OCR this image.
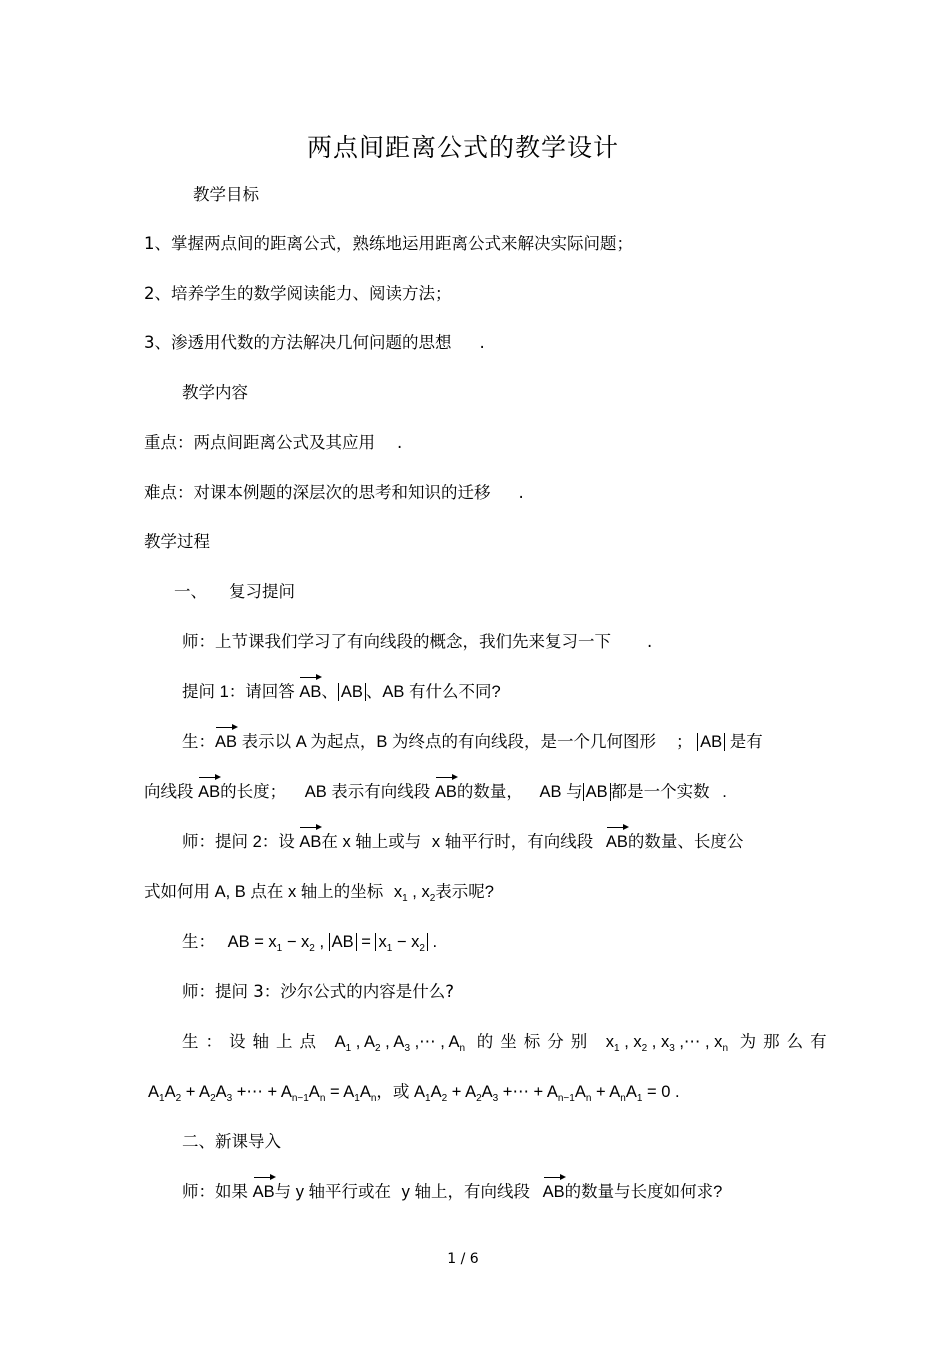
两点间距离公式的教学设计
教学目标
1、掌握两点间的距离公式，熟练地运用距离公式来解决实际问题；
2、培养学生的数学阅读能力、阅读方法；
3、渗透用代数的方法解决几何问题的思想 .
教学内容
重点：两点间距离公式及其应用 .
难点：对课本例题的深层次的思考和知识的迁移 .
教学过程
一、 复习提问
师：上节课我们学习了有向线段的概念，我们先来复习一下 .
提问 1：请回答 AB、 AB 、AB 有什么不同?
生：AB 表示以 A 为起点，B 为终点的有向线段，是一个几何图形 ； AB 是有
向线段 AB的长度； AB 表示有向线段 AB的数量， AB 与 AB 都是一个实数 .
师：提问 2：设 AB在 x 轴上或与 x 轴平行时，有向线段 AB的数量、长度公
式如何用 A, B 点在 x 轴上的坐标 $x_1$ , $x_2$表示呢?
生： AB = $x_1 - x_2$ , AB = $x_1 - x_2$ .
师：提问 3：沙尔公式的内容是什么?
生：设轴上点 $A_1$ , $A_2$ , $A_3$ ,⋯ , $A_n$ 的坐标分别 $x_1$ , $x_2$ , $x_3$ ,⋯ , $x_n$ 为那么有
$A_1A_2 + A_2A_3$ +⋯ + $A_{n-1}A_n = A_1A_n$，或 $A_1A_2 + A_2A_3$ +⋯ + $A_{n-1}A_n + A_nA_1 = 0$ .
二、新课导入
师：如果 AB与 y 轴平行或在 y 轴上，有向线段 AB的数量与长度如何求?
1 / 6
